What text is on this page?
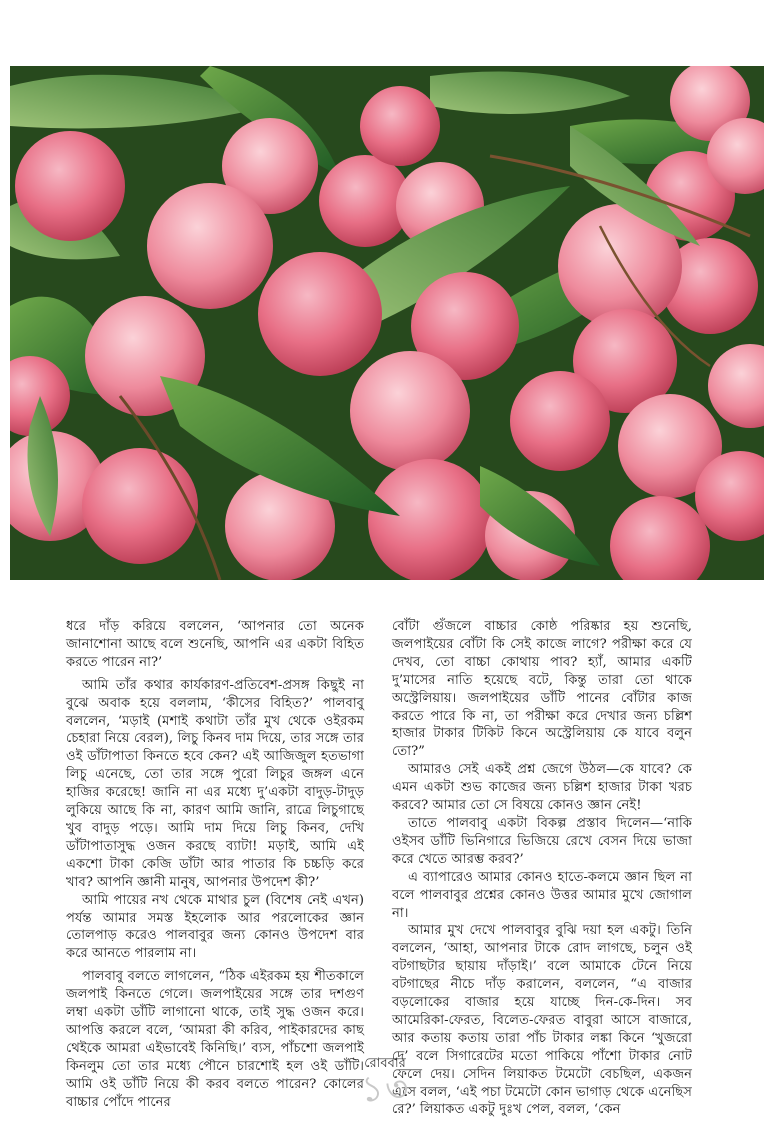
ধরে দাঁড় করিয়ে বললেন, ‘আপনার তো অনেক জানাশোনা আছে বলে শুনেছি, আপনি এর একটা বিহিত করতে পারেন না?’

আমি তাঁর কথার কার্যকারণ-প্রতিবেশ-প্রসঙ্গ কিছুই না বুঝে অবাক হয়ে বললাম, ‘কীসের বিহিত?’ পালবাবু বললেন, ‘মড়াই (মশাই কথাটা তাঁর মুখ থেকে ওইরকম চেহারা নিয়ে বেরল), লিচু কিনব দাম দিয়ে, তার সঙ্গে তার ওই ডাঁটাপাতা কিনতে হবে কেন? এই আজিজুল হতভাগা লিচু এনেছে, তো তার সঙ্গে পুরো লিচুর জঙ্গল এনে হাজির করেছে! জানি না এর মধ্যে দু’একটা বাদুড়-টাদুড় লুকিয়ে আছে কি না, কারণ আমি জানি, রাত্রে লিচুগাছে খুব বাদুড় পড়ে। আমি দাম দিয়ে লিচু কিনব, দেখি ডাঁটাপাতাসুদ্ধ ওজন করছে ব্যাটা! মড়াই, আমি এই একশো টাকা কেজি ডাঁটা আর পাতার কি চচ্চড়ি করে খাব? আপনি জ্ঞানী মানুষ, আপনার উপদেশ কী?’

আমি পায়ের নখ থেকে মাথার চুল (বিশেষ নেই এখন) পর্যন্ত আমার সমস্ত ইহলোক আর পরলোকের জ্ঞান তোলপাড় করেও পালবাবুর জন্য কোনও উপদেশ বার করে আনতে পারলাম না।

পালবাবু বলতে লাগলেন, “ঠিক এইরকম হয় শীতকালে জলপাই কিনতে গেলে। জলপাইয়ের সঙ্গে তার দশগুণ লম্বা একটা ডাঁটি লাগানো থাকে, তাই সুদ্ধ ওজন করে। আপত্তি করলে বলে, ‘আমরা কী করিব, পাইকারদের কাছ থেইকে আমরা এইভাবেই কিনিছি।’ ব্যস, পাঁচশো জলপাই কিনলুম তো তার মধ্যে পৌনে চারশোই হল ওই ডাঁটি। আমি ওই ডাঁটি নিয়ে কী করব বলতে পারেন? কোলের বাচ্চার পোঁদে পানের

বোঁটা গুঁজলে বাচ্চার কোষ্ঠ পরিষ্কার হয় শুনেছি, জলপাইয়ের বোঁটা কি সেই কাজে লাগে? পরীক্ষা করে যে দেখব, তো বাচ্চা কোথায় পাব? হ্যাঁ, আমার একটি দু’মাসের নাতি হয়েছে বটে, কিন্তু তারা তো থাকে অস্ট্রেলিয়ায়। জলপাইয়ের ডাঁটি পানের বোঁটার কাজ করতে পারে কি না, তা পরীক্ষা করে দেখার জন্য চল্লিশ হাজার টাকার টিকিট কিনে অস্ট্রেলিয়ায় কে যাবে বলুন তো?”

আমারও সেই একই প্রশ্ন জেগে উঠল—কে যাবে? কে এমন একটা শুভ কাজের জন্য চল্লিশ হাজার টাকা খরচ করবে? আমার তো সে বিষয়ে কোনও জ্ঞান নেই!

তাতে পালবাবু একটা বিকল্প প্রস্তাব দিলেন—‘নাকি ওইসব ডাঁটি ভিনিগারে ভিজিয়ে রেখে বেসন দিয়ে ভাজা করে খেতে আরম্ভ করব?’

এ ব্যাপারেও আমার কোনও হাতে-কলমে জ্ঞান ছিল না বলে পালবাবুর প্রশ্নের কোনও উত্তর আমার মুখে জোগাল না।

আমার মুখ দেখে পালবাবুর বুঝি দয়া হল একটু। তিনি বললেন, ‘আহা, আপনার টাকে রোদ লাগছে, চলুন ওই বটগাছটার ছায়ায় দাঁড়াই।’ বলে আমাকে টেনে নিয়ে বটগাছের নীচে দাঁড় করালেন, বললেন, “এ বাজার বড়লোকের বাজার হয়ে যাচ্ছে দিন-কে-দিন। সব আমেরিকা-ফেরত, বিলেত-ফেরত বাবুরা আসে বাজারে, আর কতায় কতায় তারা পাঁচ টাকার লঙ্কা কিনে ‘খুজরো দে’ বলে সিগারেটের মতো পাকিয়ে পাঁশো টাকার নোট ফেলে দেয়। সেদিন লিয়াকত টমেটো বেচছিল, একজন এসে বলল, ‘এই পচা টমেটো কোন ভাগাড় থেকে এনেছিস রে?’ লিয়াকত একটু দুঃখ পেল, বলল, ‘কেন

রোববার
১৩
